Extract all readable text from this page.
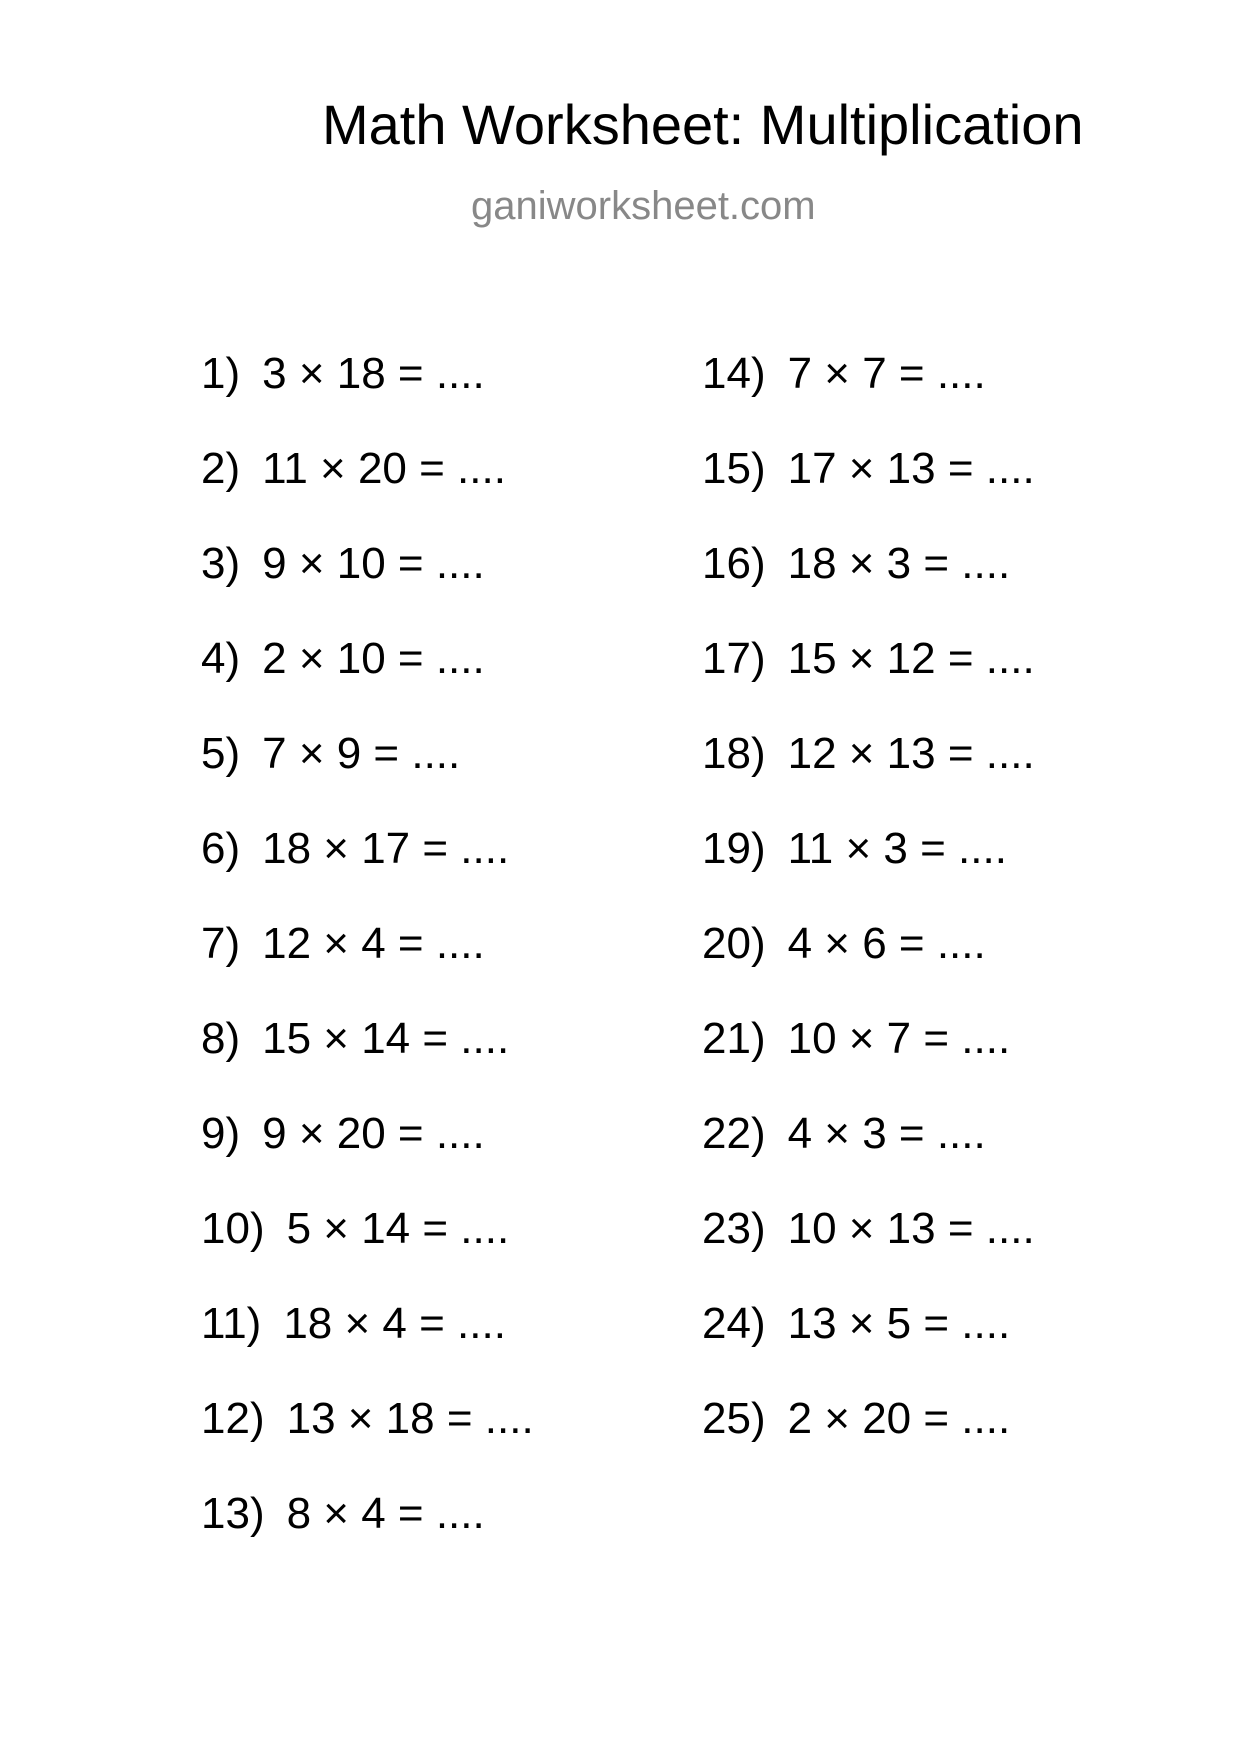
Math Worksheet: Multiplication
ganiworksheet.com
1) 3 × 18 = ....
2) 11 × 20 = ....
3) 9 × 10 = ....
4) 2 × 10 = ....
5) 7 × 9 = ....
6) 18 × 17 = ....
7) 12 × 4 = ....
8) 15 × 14 = ....
9) 9 × 20 = ....
10) 5 × 14 = ....
11) 18 × 4 = ....
12) 13 × 18 = ....
13) 8 × 4 = ....
14) 7 × 7 = ....
15) 17 × 13 = ....
16) 18 × 3 = ....
17) 15 × 12 = ....
18) 12 × 13 = ....
19) 11 × 3 = ....
20) 4 × 6 = ....
21) 10 × 7 = ....
22) 4 × 3 = ....
23) 10 × 13 = ....
24) 13 × 5 = ....
25) 2 × 20 = ....
